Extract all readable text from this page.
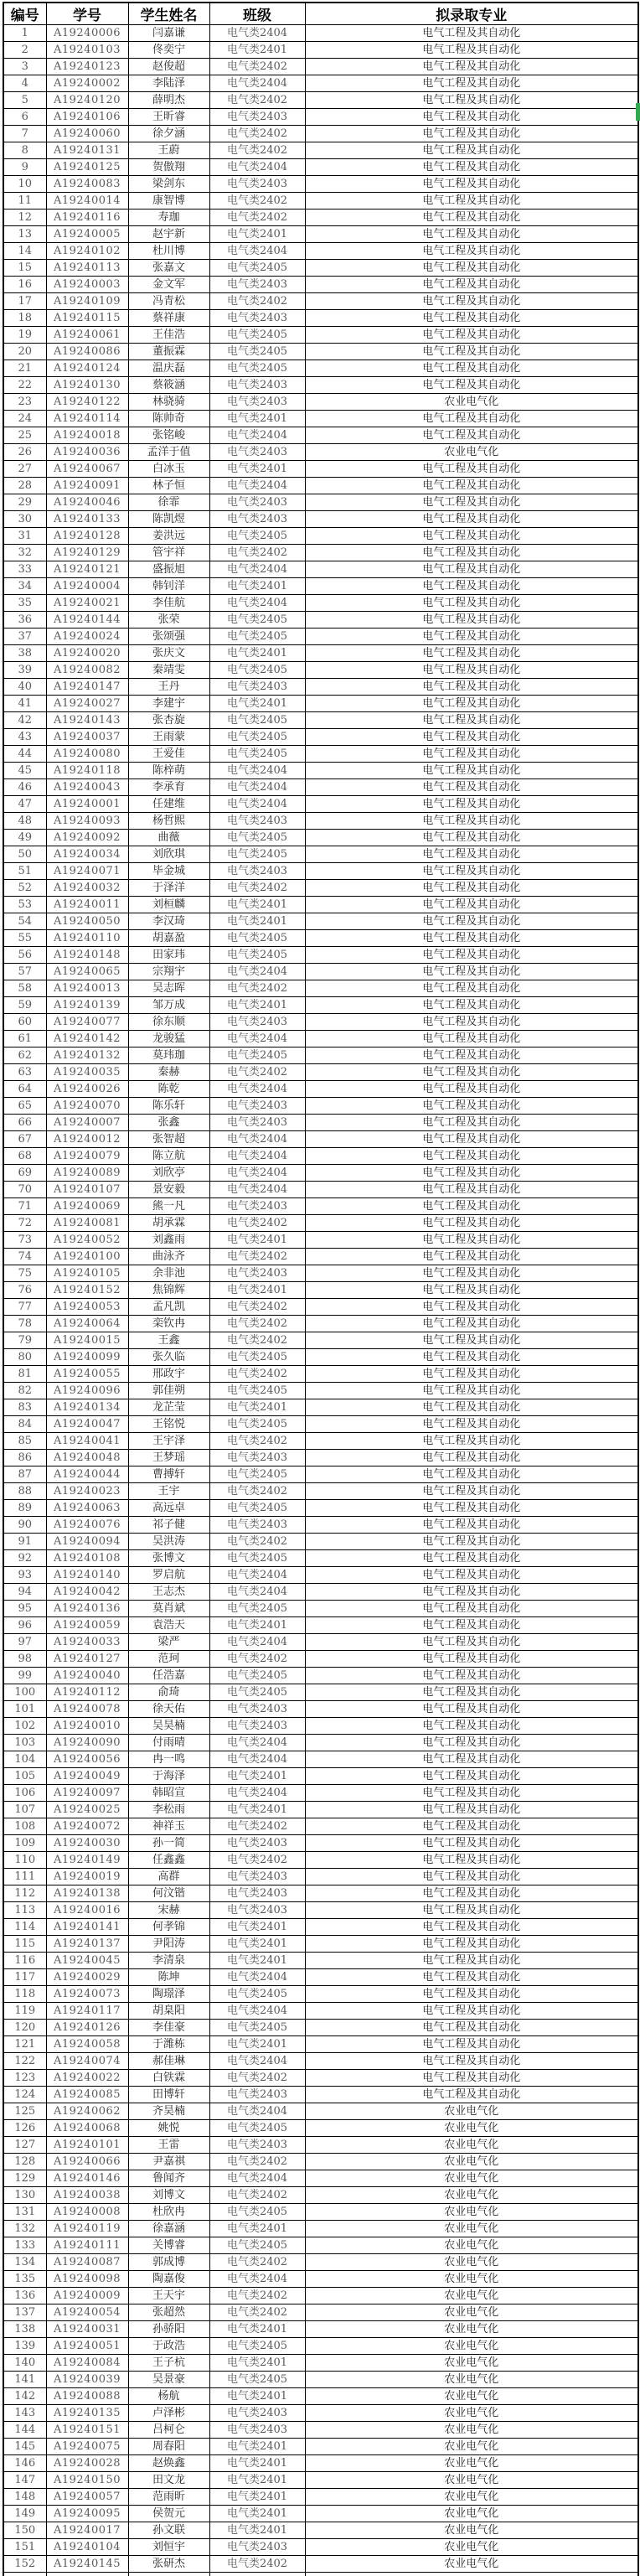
编号	学号	学生姓名	班级	拟录取专业
1	A19240006	闫嘉谦	电气类2404	电气工程及其自动化
2	A19240103	佟奕宁	电气类2401	电气工程及其自动化
3	A19240123	赵俊超	电气类2402	电气工程及其自动化
4	A19240002	李陆泽	电气类2404	电气工程及其自动化
5	A19240120	薛明杰	电气类2402	电气工程及其自动化
6	A19240106	王昕睿	电气类2403	电气工程及其自动化
7	A19240060	徐夕涵	电气类2402	电气工程及其自动化
8	A19240131	王蔚	电气类2402	电气工程及其自动化
9	A19240125	贺傲翔	电气类2404	电气工程及其自动化
10	A19240083	梁剑东	电气类2403	电气工程及其自动化
11	A19240014	康智博	电气类2402	电气工程及其自动化
12	A19240116	寿珈	电气类2402	电气工程及其自动化
13	A19240005	赵宇新	电气类2401	电气工程及其自动化
14	A19240102	杜川博	电气类2404	电气工程及其自动化
15	A19240113	张嘉文	电气类2405	电气工程及其自动化
16	A19240003	金文军	电气类2403	电气工程及其自动化
17	A19240109	冯青松	电气类2402	电气工程及其自动化
18	A19240115	蔡祥康	电气类2403	电气工程及其自动化
19	A19240061	王佳浩	电气类2405	电气工程及其自动化
20	A19240086	董振霖	电气类2405	电气工程及其自动化
21	A19240124	温庆磊	电气类2405	电气工程及其自动化
22	A19240130	蔡筱涵	电气类2403	电气工程及其自动化
23	A19240122	林骁骑	电气类2403	农业电气化
24	A19240114	陈帅奇	电气类2401	电气工程及其自动化
25	A19240018	张铭峻	电气类2404	电气工程及其自动化
26	A19240036	孟洋于值	电气类2403	农业电气化
27	A19240067	白冰玉	电气类2401	电气工程及其自动化
28	A19240091	林子恒	电气类2404	电气工程及其自动化
29	A19240046	徐霏	电气类2403	电气工程及其自动化
30	A19240133	陈凯煜	电气类2403	电气工程及其自动化
31	A19240128	姜洪远	电气类2405	电气工程及其自动化
32	A19240129	管宇祥	电气类2402	电气工程及其自动化
33	A19240121	盛振旭	电气类2404	电气工程及其自动化
34	A19240004	韩钊洋	电气类2401	电气工程及其自动化
35	A19240021	李佳航	电气类2404	电气工程及其自动化
36	A19240144	张荣	电气类2405	电气工程及其自动化
37	A19240024	张颂强	电气类2405	电气工程及其自动化
38	A19240020	张庆文	电气类2401	电气工程及其自动化
39	A19240082	秦靖雯	电气类2405	电气工程及其自动化
40	A19240147	王丹	电气类2403	电气工程及其自动化
41	A19240027	李建宇	电气类2401	电气工程及其自动化
42	A19240143	张杏旋	电气类2405	电气工程及其自动化
43	A19240037	王雨蒙	电气类2405	电气工程及其自动化
44	A19240080	王爱佳	电气类2405	电气工程及其自动化
45	A19240118	陈梓萌	电气类2404	电气工程及其自动化
46	A19240043	李承育	电气类2404	电气工程及其自动化
47	A19240001	任建维	电气类2404	电气工程及其自动化
48	A19240093	杨哲熙	电气类2403	电气工程及其自动化
49	A19240092	曲薇	电气类2405	电气工程及其自动化
50	A19240034	刘欣琪	电气类2405	电气工程及其自动化
51	A19240071	毕金城	电气类2403	电气工程及其自动化
52	A19240032	于泽洋	电气类2402	电气工程及其自动化
53	A19240011	刘桓麟	电气类2401	电气工程及其自动化
54	A19240050	李汉琦	电气类2401	电气工程及其自动化
55	A19240110	胡嘉盈	电气类2405	电气工程及其自动化
56	A19240148	田家玮	电气类2405	电气工程及其自动化
57	A19240065	宗翔宇	电气类2404	电气工程及其自动化
58	A19240013	吴志晖	电气类2402	电气工程及其自动化
59	A19240139	邹万成	电气类2401	电气工程及其自动化
60	A19240077	徐东顺	电气类2403	电气工程及其自动化
61	A19240142	龙骏猛	电气类2404	电气工程及其自动化
62	A19240132	莫玮珈	电气类2405	电气工程及其自动化
63	A19240035	秦赫	电气类2402	电气工程及其自动化
64	A19240026	陈乾	电气类2404	电气工程及其自动化
65	A19240070	陈乐轩	电气类2403	电气工程及其自动化
66	A19240007	张鑫	电气类2403	电气工程及其自动化
67	A19240012	张智超	电气类2404	电气工程及其自动化
68	A19240079	陈立航	电气类2404	电气工程及其自动化
69	A19240089	刘欣亭	电气类2404	电气工程及其自动化
70	A19240107	景安毅	电气类2404	电气工程及其自动化
71	A19240069	熊一凡	电气类2403	电气工程及其自动化
72	A19240081	胡承霖	电气类2402	电气工程及其自动化
73	A19240052	刘鑫雨	电气类2401	电气工程及其自动化
74	A19240100	曲泳齐	电气类2402	电气工程及其自动化
75	A19240105	余非池	电气类2403	电气工程及其自动化
76	A19240152	焦锦辉	电气类2401	电气工程及其自动化
77	A19240053	孟凡凯	电气类2402	电气工程及其自动化
78	A19240064	栾钦冉	电气类2402	电气工程及其自动化
79	A19240015	王鑫	电气类2402	电气工程及其自动化
80	A19240099	张久临	电气类2405	电气工程及其自动化
81	A19240055	邢政宇	电气类2402	电气工程及其自动化
82	A19240096	郭佳朔	电气类2405	电气工程及其自动化
83	A19240134	龙芷莹	电气类2401	电气工程及其自动化
84	A19240047	王铭悦	电气类2405	电气工程及其自动化
85	A19240041	王宇泽	电气类2402	电气工程及其自动化
86	A19240048	王梦瑶	电气类2403	电气工程及其自动化
87	A19240044	曹搏轩	电气类2405	电气工程及其自动化
88	A19240023	王宇	电气类2402	电气工程及其自动化
89	A19240063	高远卓	电气类2405	电气工程及其自动化
90	A19240076	祁子健	电气类2403	电气工程及其自动化
91	A19240094	吴洪涛	电气类2402	电气工程及其自动化
92	A19240108	张博文	电气类2405	电气工程及其自动化
93	A19240140	罗启航	电气类2404	电气工程及其自动化
94	A19240042	王志杰	电气类2404	电气工程及其自动化
95	A19240136	莫肖斌	电气类2405	电气工程及其自动化
96	A19240059	袁浩天	电气类2401	电气工程及其自动化
97	A19240033	梁严	电气类2404	电气工程及其自动化
98	A19240127	范珂	电气类2402	电气工程及其自动化
99	A19240040	任浩嘉	电气类2405	电气工程及其自动化
100	A19240112	俞琦	电气类2405	电气工程及其自动化
101	A19240078	徐天佑	电气类2403	电气工程及其自动化
102	A19240010	吴昊楠	电气类2403	电气工程及其自动化
103	A19240090	付雨晴	电气类2404	电气工程及其自动化
104	A19240056	冉一鸣	电气类2404	电气工程及其自动化
105	A19240049	于海泽	电气类2401	电气工程及其自动化
106	A19240097	韩昭宣	电气类2404	电气工程及其自动化
107	A19240025	李松雨	电气类2401	电气工程及其自动化
108	A19240072	神祥玉	电气类2402	电气工程及其自动化
109	A19240030	孙一简	电气类2403	电气工程及其自动化
110	A19240149	任鑫鑫	电气类2402	电气工程及其自动化
111	A19240019	高群	电气类2403	电气工程及其自动化
112	A19240138	何汶锴	电气类2403	电气工程及其自动化
113	A19240016	宋赫	电气类2403	电气工程及其自动化
114	A19240141	何孝锦	电气类2401	电气工程及其自动化
115	A19240137	尹阳涛	电气类2401	电气工程及其自动化
116	A19240045	李清泉	电气类2401	电气工程及其自动化
117	A19240029	陈坤	电气类2404	电气工程及其自动化
118	A19240073	陶璟泽	电气类2405	电气工程及其自动化
119	A19240117	胡臬阳	电气类2404	电气工程及其自动化
120	A19240126	李佳豪	电气类2405	电气工程及其自动化
121	A19240058	于潍栋	电气类2401	电气工程及其自动化
122	A19240074	郝佳琳	电气类2404	电气工程及其自动化
123	A19240022	白铁霖	电气类2402	电气工程及其自动化
124	A19240085	田博轩	电气类2403	电气工程及其自动化
125	A19240062	齐昊楠	电气类2404	农业电气化
126	A19240068	姚悦	电气类2405	农业电气化
127	A19240101	王雷	电气类2403	农业电气化
128	A19240066	尹嘉祺	电气类2402	农业电气化
129	A19240146	鲁闻齐	电气类2404	农业电气化
130	A19240038	刘博文	电气类2402	农业电气化
131	A19240008	杜欣冉	电气类2405	农业电气化
132	A19240119	徐嘉涵	电气类2401	农业电气化
133	A19240111	关博睿	电气类2405	农业电气化
134	A19240087	郭成博	电气类2402	农业电气化
135	A19240098	陶嘉俊	电气类2404	农业电气化
136	A19240009	王天宇	电气类2402	农业电气化
137	A19240054	张超然	电气类2402	农业电气化
138	A19240031	孙骄阳	电气类2401	农业电气化
139	A19240051	于政浩	电气类2405	农业电气化
140	A19240084	王子杭	电气类2401	农业电气化
141	A19240039	吴景豪	电气类2405	农业电气化
142	A19240088	杨航	电气类2401	农业电气化
143	A19240135	卢泽彬	电气类2403	农业电气化
144	A19240151	吕柯仑	电气类2403	农业电气化
145	A19240075	周春阳	电气类2401	农业电气化
146	A19240028	赵焕鑫	电气类2401	农业电气化
147	A19240150	田文龙	电气类2401	农业电气化
148	A19240057	范雨昕	电气类2401	农业电气化
149	A19240095	侯贺元	电气类2401	农业电气化
150	A19240017	孙文联	电气类2401	农业电气化
151	A19240104	刘恒宇	电气类2403	农业电气化
152	A19240145	张研杰	电气类2402	农业电气化
